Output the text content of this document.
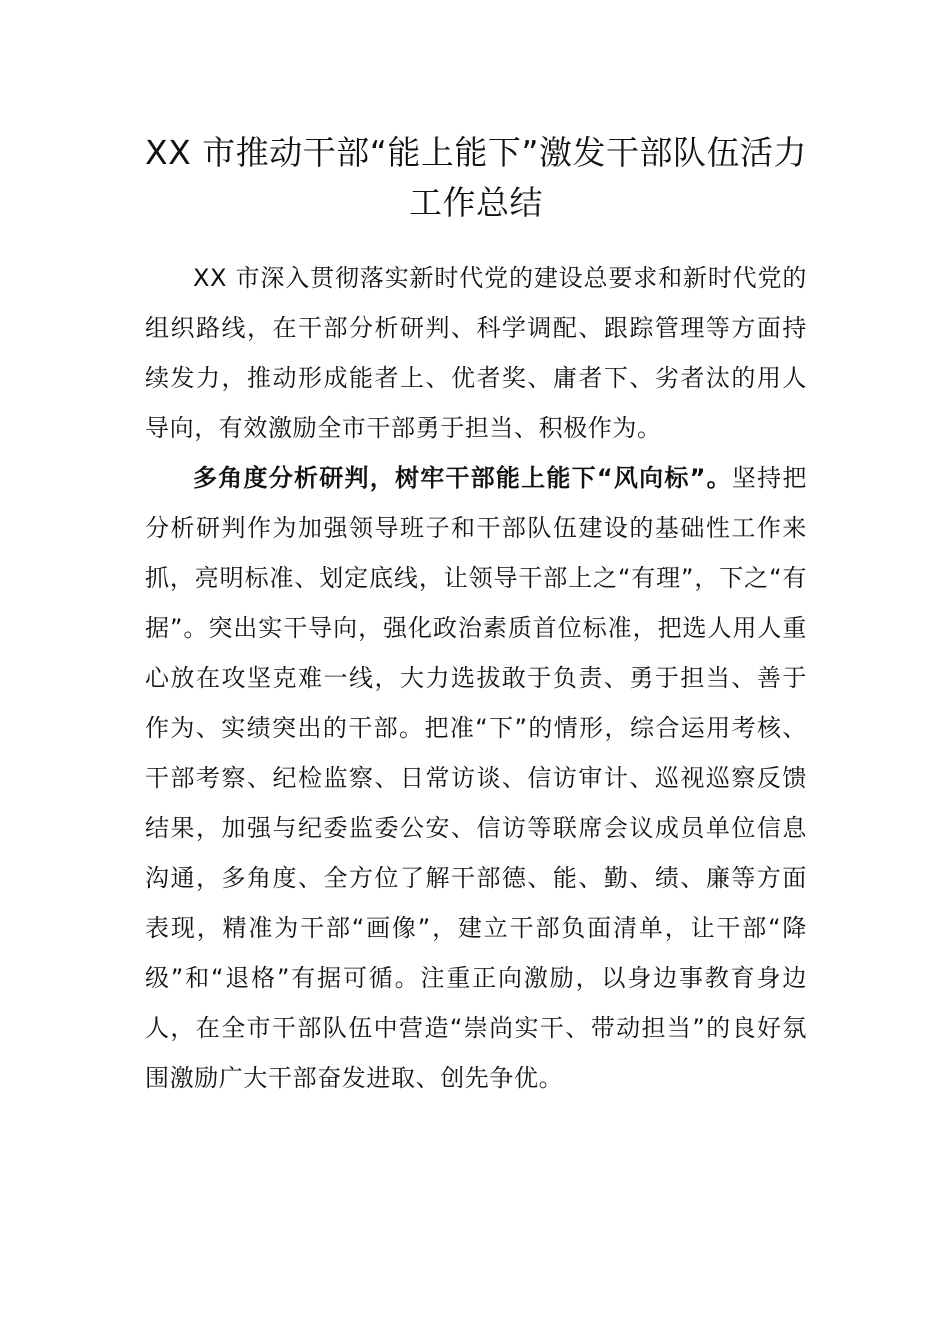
XX 市推动干部“能上能下”激发干部队伍活力工作总结

XX 市深入贯彻落实新时代党的建设总要求和新时代党的组织路线，在干部分析研判、科学调配、跟踪管理等方面持续发力，推动形成能者上、优者奖、庸者下、劣者汰的用人导向，有效激励全市干部勇于担当、积极作为。

多角度分析研判，树牢干部能上能下“风向标”。坚持把分析研判作为加强领导班子和干部队伍建设的基础性工作来抓，亮明标准、划定底线，让领导干部上之“有理”，下之“有据”。突出实干导向，强化政治素质首位标准，把选人用人重心放在攻坚克难一线，大力选拔敢于负责、勇于担当、善于作为、实绩突出的干部。把准“下”的情形，综合运用考核、干部考察、纪检监察、日常访谈、信访审计、巡视巡察反馈结果，加强与纪委监委公安、信访等联席会议成员单位信息沟通，多角度、全方位了解干部德、能、勤、绩、廉等方面表现，精准为干部“画像”，建立干部负面清单，让干部“降级”和“退格”有据可循。注重正向激励，以身边事教育身边人，在全市干部队伍中营造“崇尚实干、带动担当”的良好氛围激励广大干部奋发进取、创先争优。
